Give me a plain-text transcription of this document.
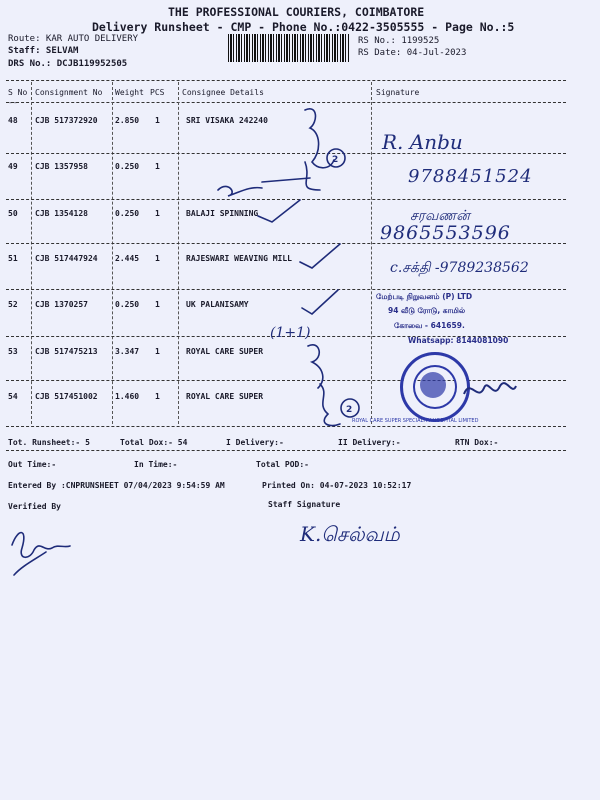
THE PROFESSIONAL COURIERS, COIMBATORE
Delivery Runsheet - CMP - Phone No.:0422-3505555 - Page No.:5
Route: KAR AUTO DELIVERY
Staff: SELVAM
DRS No.: DCJB119952505
RS No.: 1199525
RS Date: 04-Jul-2023
S No Consignment No Weight PCS Consignee Details	Signature
--
48 CJB 517372920 2.850 1	SRI VISAKA 242240
49 CJB 1357958	0.250 1
50 CJB 1354128	0.250 1	BALAJI SPINNING
51 CJB 517447924 2.445 1	RAJESWARI WEAVING MILL
52 CJB 1370257	0.250 1	UK PALANISAMY
53 CJB 517475213 3.347 1	ROYAL CARE SUPER
54 CJB 517451002 1.460 1	ROYAL CARE SUPER
Tot. Runsheet:- 5	Total Dox:- 54	I Delivery:-	II Delivery:-	RTN Dox:-
Out Time:-	In Time:-	Total POD:-
Entered By :CNPRUNSHEET 07/04/2023 9:54:59 AM	Printed On: 04-07-2023 10:52:17
Verified By	Staff Signature
R. Anbu
9788451524
சரவணன்
9865553596
c.சக்தி -9789238562
(1+1)
K.செல்வம்
2
2
மேற்படி நிறுவனம் (P) LTD
94 வீடு ரோடு, காமில்
கோவை - 641659.
Whatsapp: 8144081090
ROYAL CARE SUPER SPECIALITY HOSPITAL LIMITED
